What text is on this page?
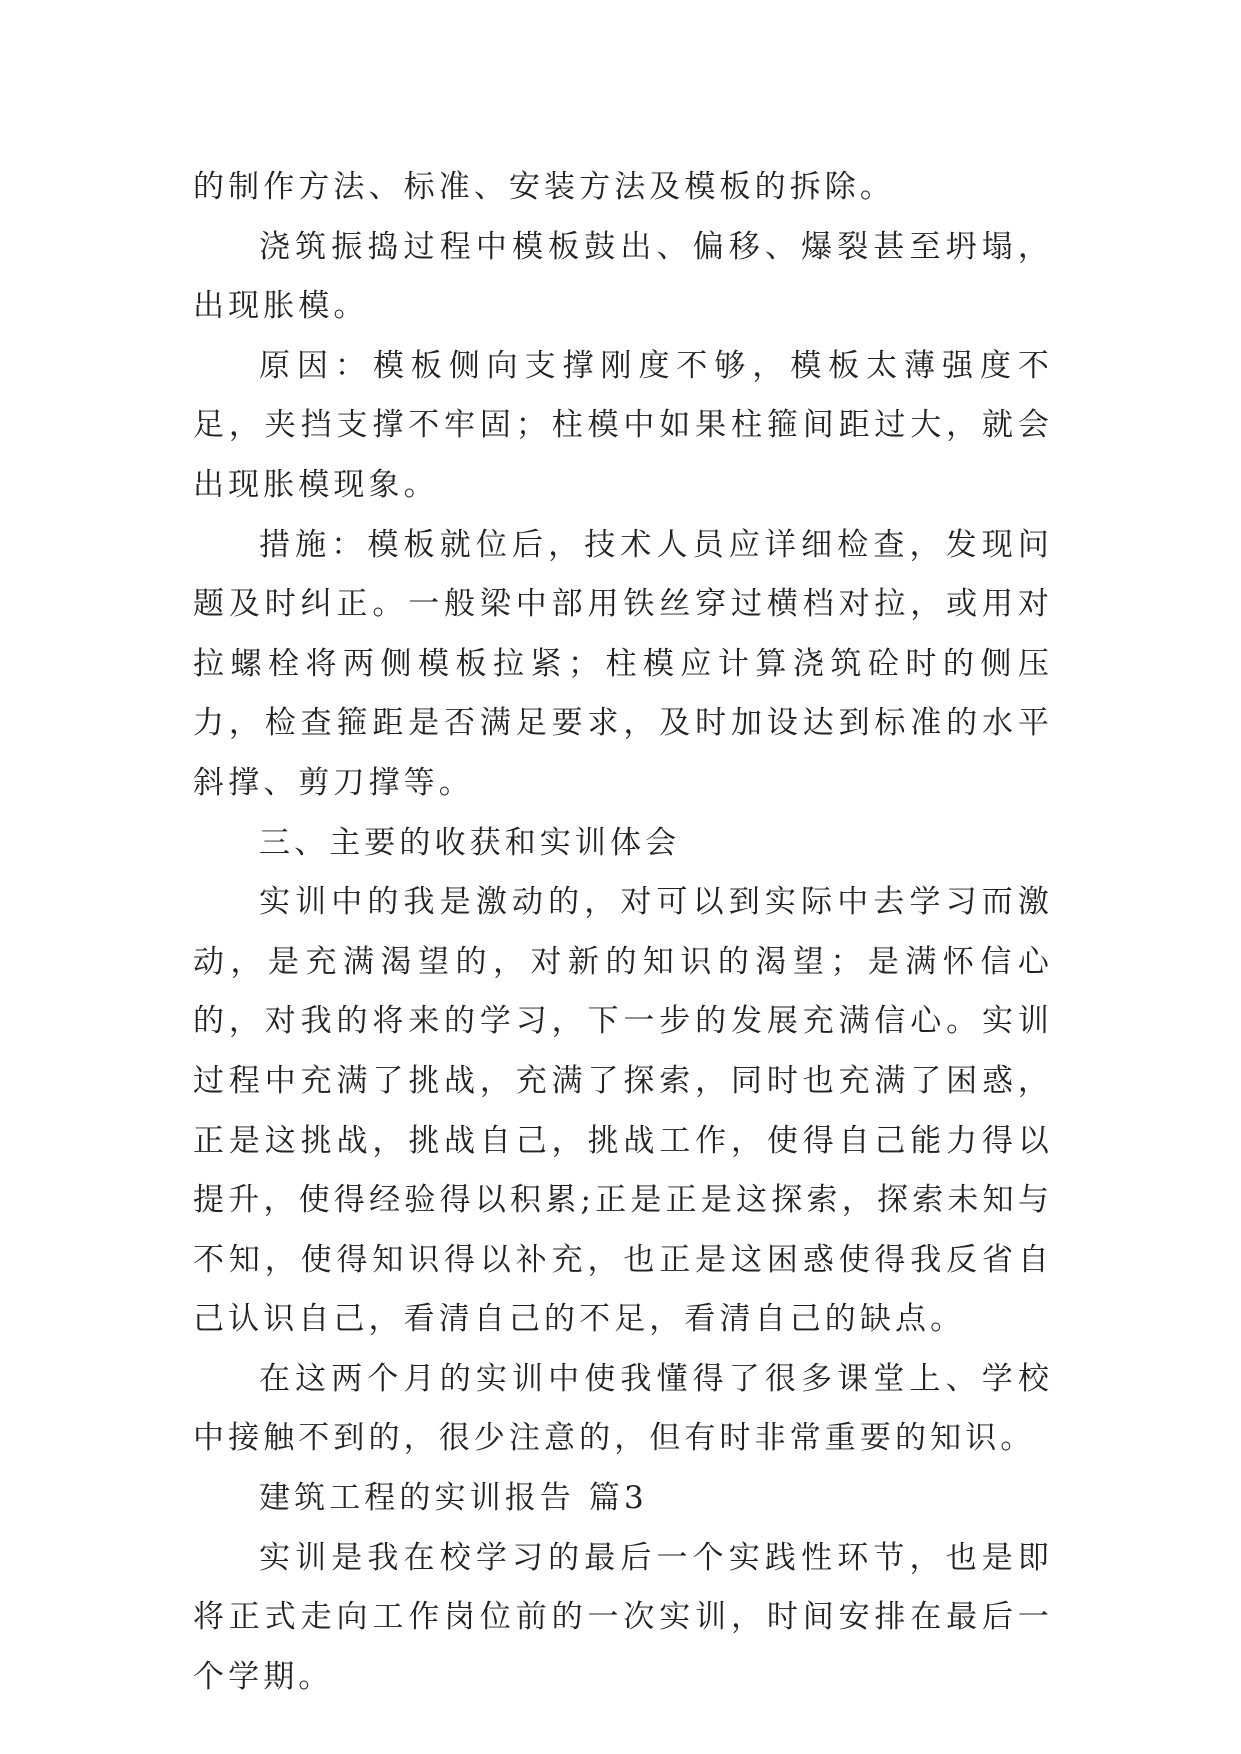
的制作方法、标准、安装方法及模板的拆除。

浇筑振捣过程中模板鼓出、偏移、爆裂甚至坍塌，出现胀模。

原因：模板侧向支撑刚度不够，模板太薄强度不足，夹挡支撑不牢固；柱模中如果柱箍间距过大，就会出现胀模现象。

措施：模板就位后，技术人员应详细检查，发现问题及时纠正。一般梁中部用铁丝穿过横档对拉，或用对拉螺栓将两侧模板拉紧；柱模应计算浇筑砼时的侧压力，检查箍距是否满足要求，及时加设达到标准的水平斜撑、剪刀撑等。

三、主要的收获和实训体会

实训中的我是激动的，对可以到实际中去学习而激动，是充满渴望的，对新的知识的渴望；是满怀信心的，对我的将来的学习，下一步的发展充满信心。实训过程中充满了挑战，充满了探索，同时也充满了困惑，正是这挑战，挑战自己，挑战工作，使得自己能力得以提升，使得经验得以积累;正是正是这探索，探索未知与不知，使得知识得以补充，也正是这困惑使得我反省自己认识自己，看清自己的不足，看清自己的缺点。

在这两个月的实训中使我懂得了很多课堂上、学校中接触不到的，很少注意的，但有时非常重要的知识。

建筑工程的实训报告 篇3

实训是我在校学习的最后一个实践性环节，也是即将正式走向工作岗位前的一次实训，时间安排在最后一个学期。
